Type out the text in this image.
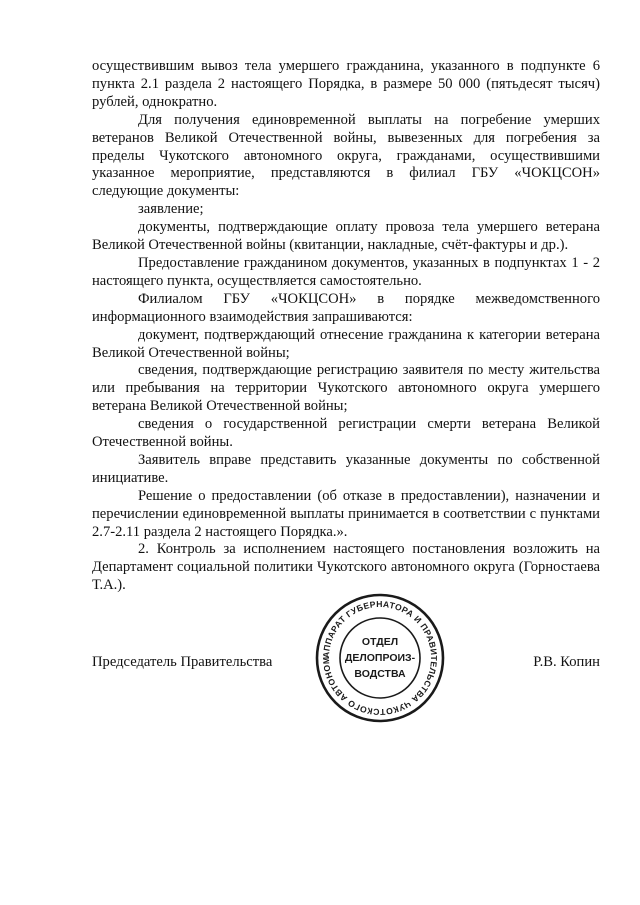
осуществившим вывоз тела умершего гражданина, указанного в подпункте 6 пункта 2.1 раздела 2 настоящего Порядка, в размере 50 000 (пятьдесят тысяч) рублей, однократно.

Для получения единовременной выплаты на погребение умерших ветеранов Великой Отечественной войны, вывезенных для погребения за пределы Чукотского автономного округа, гражданами, осуществившими указанное мероприятие, представляются в филиал ГБУ «ЧОКЦСОН» следующие документы:

заявление;

документы, подтверждающие оплату провоза тела умершего ветерана Великой Отечественной войны (квитанции, накладные, счёт-фактуры и др.).

Предоставление гражданином документов, указанных в подпунктах 1 - 2 настоящего пункта, осуществляется самостоятельно.

Филиалом ГБУ «ЧОКЦСОН» в порядке межведомственного информационного взаимодействия запрашиваются:

документ, подтверждающий отнесение гражданина к категории ветерана Великой Отечественной войны;

сведения, подтверждающие регистрацию заявителя по месту жительства или пребывания на территории Чукотского автономного округа умершего ветерана Великой Отечественной войны;

сведения о государственной регистрации смерти ветерана Великой Отечественной войны.

Заявитель вправе представить указанные документы по собственной инициативе.

Решение о предоставлении (об отказе в предоставлении), назначении и перечислении единовременной выплаты принимается в соответствии с пунктами 2.7-2.11 раздела 2 настоящего Порядка.».

2. Контроль за исполнением настоящего постановления возложить на Департамент социальной политики Чукотского автономного округа (Горностаева Т.А.).

Председатель Правительства	Р.В. Копин
АППАРАТ ГУБЕРНАТОРА И ПРАВИТЕЛЬСТВА ЧУКОТСКОГО АВТОНОМ
ОТДЕЛ
ДЕЛОПРОИЗ-
ВОДСТВА
